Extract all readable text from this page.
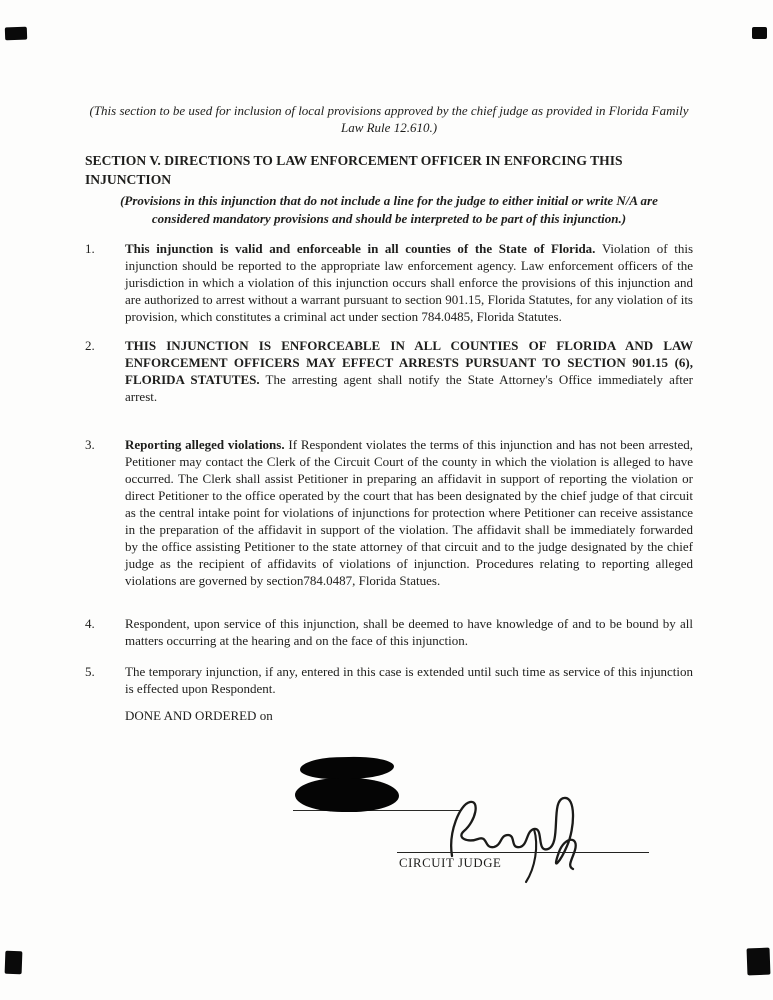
(This section to be used for inclusion of local provisions approved by the chief judge as provided in Florida Family Law Rule 12.610.)

SECTION V. DIRECTIONS TO LAW ENFORCEMENT OFFICER IN ENFORCING THIS INJUNCTION

(Provisions in this injunction that do not include a line for the judge to either initial or write N/A are considered mandatory provisions and should be interpreted to be part of this injunction.)

1.	This injunction is valid and enforceable in all counties of the State of Florida. Violation of this injunction should be reported to the appropriate law enforcement agency. Law enforcement officers of the jurisdiction in which a violation of this injunction occurs shall enforce the provisions of this injunction and are authorized to arrest without a warrant pursuant to section 901.15, Florida Statutes, for any violation of its provision, which constitutes a criminal act under section 784.0485, Florida Statutes.
2.	THIS INJUNCTION IS ENFORCEABLE IN ALL COUNTIES OF FLORIDA AND LAW ENFORCEMENT OFFICERS MAY EFFECT ARRESTS PURSUANT TO SECTION 901.15 (6), FLORIDA STATUTES. The arresting agent shall notify the State Attorney's Office immediately after arrest.
3.	Reporting alleged violations. If Respondent violates the terms of this injunction and has not been arrested, Petitioner may contact the Clerk of the Circuit Court of the county in which the violation is alleged to have occurred. The Clerk shall assist Petitioner in preparing an affidavit in support of reporting the violation or direct Petitioner to the office operated by the court that has been designated by the chief judge of that circuit as the central intake point for violations of injunctions for protection where Petitioner can receive assistance in the preparation of the affidavit in support of the violation. The affidavit shall be immediately forwarded by the office assisting Petitioner to the state attorney of that circuit and to the judge designated by the chief judge as the recipient of affidavits of violations of injunction. Procedures relating to reporting alleged violations are governed by section784.0487, Florida Statues.
4.	Respondent, upon service of this injunction, shall be deemed to have knowledge of and to be bound by all matters occurring at the hearing and on the face of this injunction.
5.	The temporary injunction, if any, entered in this case is extended until such time as service of this injunction is effected upon Respondent.
DONE AND ORDERED on
CIRCUIT JUDGE
